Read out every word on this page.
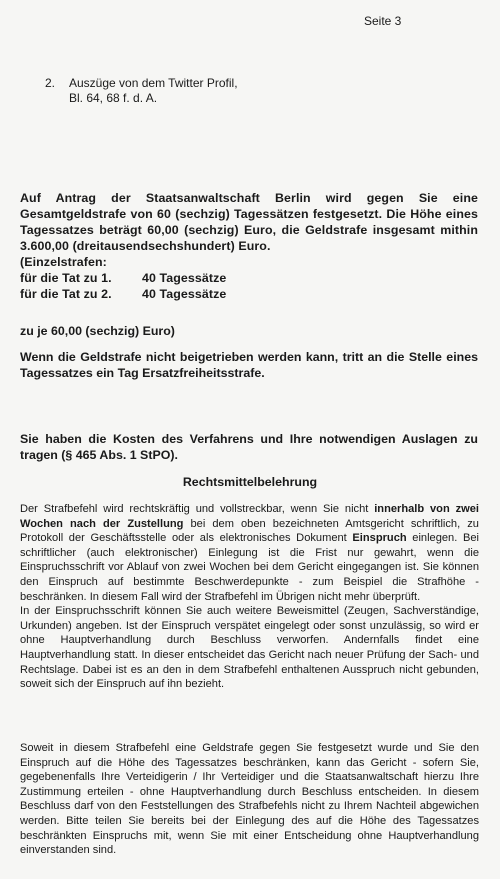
Seite 3
2. Auszüge von dem Twitter Profil,
Bl. 64, 68 f. d. A.
Auf Antrag der Staatsanwaltschaft Berlin wird gegen Sie eine Gesamtgeldstrafe von 60 (sechzig) Tagessätzen festgesetzt. Die Höhe eines Tagessatzes beträgt 60,00 (sechzig) Euro, die Geldstrafe insgesamt mithin 3.600,00 (dreitausendsechshundert) Euro.
(Einzelstrafen:
für die Tat zu 1. 40 Tagessätze
für die Tat zu 2. 40 Tagessätze
zu je 60,00 (sechzig) Euro)
Wenn die Geldstrafe nicht beigetrieben werden kann, tritt an die Stelle eines Tagessatzes ein Tag Ersatzfreiheitsstrafe.
Sie haben die Kosten des Verfahrens und Ihre notwendigen Auslagen zu tragen (§ 465 Abs. 1 StPO).
Rechtsmittelbelehrung
Der Strafbefehl wird rechtskräftig und vollstreckbar, wenn Sie nicht innerhalb von zwei Wochen nach der Zustellung bei dem oben bezeichneten Amtsgericht schriftlich, zu Protokoll der Geschäftsstelle oder als elektronisches Dokument Einspruch einlegen. Bei schriftlicher (auch elektronischer) Einlegung ist die Frist nur gewahrt, wenn die Einspruchsschrift vor Ablauf von zwei Wochen bei dem Gericht eingegangen ist. Sie können den Einspruch auf bestimmte Beschwerdepunkte - zum Beispiel die Strafhöhe - beschränken. In diesem Fall wird der Strafbefehl im Übrigen nicht mehr überprüft.
In der Einspruchsschrift können Sie auch weitere Beweismittel (Zeugen, Sachverständige, Urkunden) angeben. Ist der Einspruch verspätet eingelegt oder sonst unzulässig, so wird er ohne Hauptverhandlung durch Beschluss verworfen. Andernfalls findet eine Hauptverhandlung statt. In dieser entscheidet das Gericht nach neuer Prüfung der Sach- und Rechtslage. Dabei ist es an den in dem Strafbefehl enthaltenen Ausspruch nicht gebunden, soweit sich der Einspruch auf ihn bezieht.
Soweit in diesem Strafbefehl eine Geldstrafe gegen Sie festgesetzt wurde und Sie den Einspruch auf die Höhe des Tagessatzes beschränken, kann das Gericht - sofern Sie, gegebenenfalls Ihre Verteidigerin / Ihr Verteidiger und die Staatsanwaltschaft hierzu Ihre Zustimmung erteilen - ohne Hauptverhandlung durch Beschluss entscheiden. In diesem Beschluss darf von den Feststellungen des Strafbefehls nicht zu Ihrem Nachteil abgewichen werden. Bitte teilen Sie bereits bei der Einlegung des auf die Höhe des Tagessatzes beschränkten Einspruchs mit, wenn Sie mit einer Entscheidung ohne Hauptverhandlung einverstanden sind.
